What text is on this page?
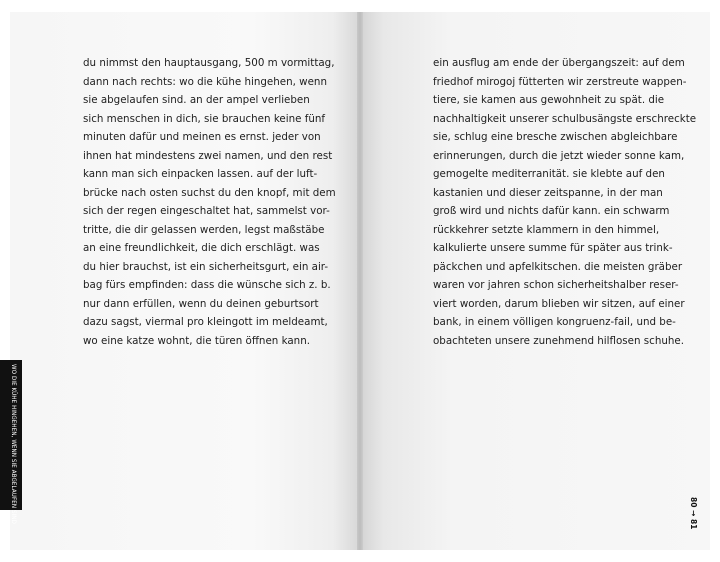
du nimmst den hauptausgang, 500 m vormittag,
dann nach rechts: wo die kühe hingehen, wenn
sie abgelaufen sind. an der ampel verlieben
sich menschen in dich, sie brauchen keine fünf
minuten dafür und meinen es ernst. jeder von
ihnen hat mindestens zwei namen, und den rest
kann man sich einpacken lassen. auf der luft-
brücke nach osten suchst du den knopf, mit dem
sich der regen eingeschaltet hat, sammelst vor-
tritte, die dir gelassen werden, legst maßstäbe
an eine freundlichkeit, die dich erschlägt. was
du hier brauchst, ist ein sicherheitsgurt, ein air-
bag fürs empfinden: dass die wünsche sich z. b.
nur dann erfüllen, wenn du deinen geburtsort
dazu sagst, viermal pro kleingott im meldeamt,
wo eine katze wohnt, die türen öffnen kann.
ein ausflug am ende der übergangszeit: auf dem
friedhof mirogoj fütterten wir zerstreute wappen-
tiere, sie kamen aus gewohnheit zu spät. die
nachhaltigkeit unserer schulbusängste erschreckte
sie, schlug eine bresche zwischen abgleichbare
erinnerungen, durch die jetzt wieder sonne kam,
gemogelte mediterranität. sie klebte auf den
kastanien und dieser zeitspanne, in der man
groß wird und nichts dafür kann. ein schwarm
rückkehrer setzte klammern in den himmel,
kalkulierte unsere summe für später aus trink-
päckchen und apfelkitschen. die meisten gräber
waren vor jahren schon sicherheitshalber reser-
viert worden, darum blieben wir sitzen, auf einer
bank, in einem völligen kongruenz-fail, und be-
obachteten unsere zunehmend hilflosen schuhe.
80 → 81
WO DIE KÜHE HINGEHEN, WENN SIE ABGELAUFEN SIND
